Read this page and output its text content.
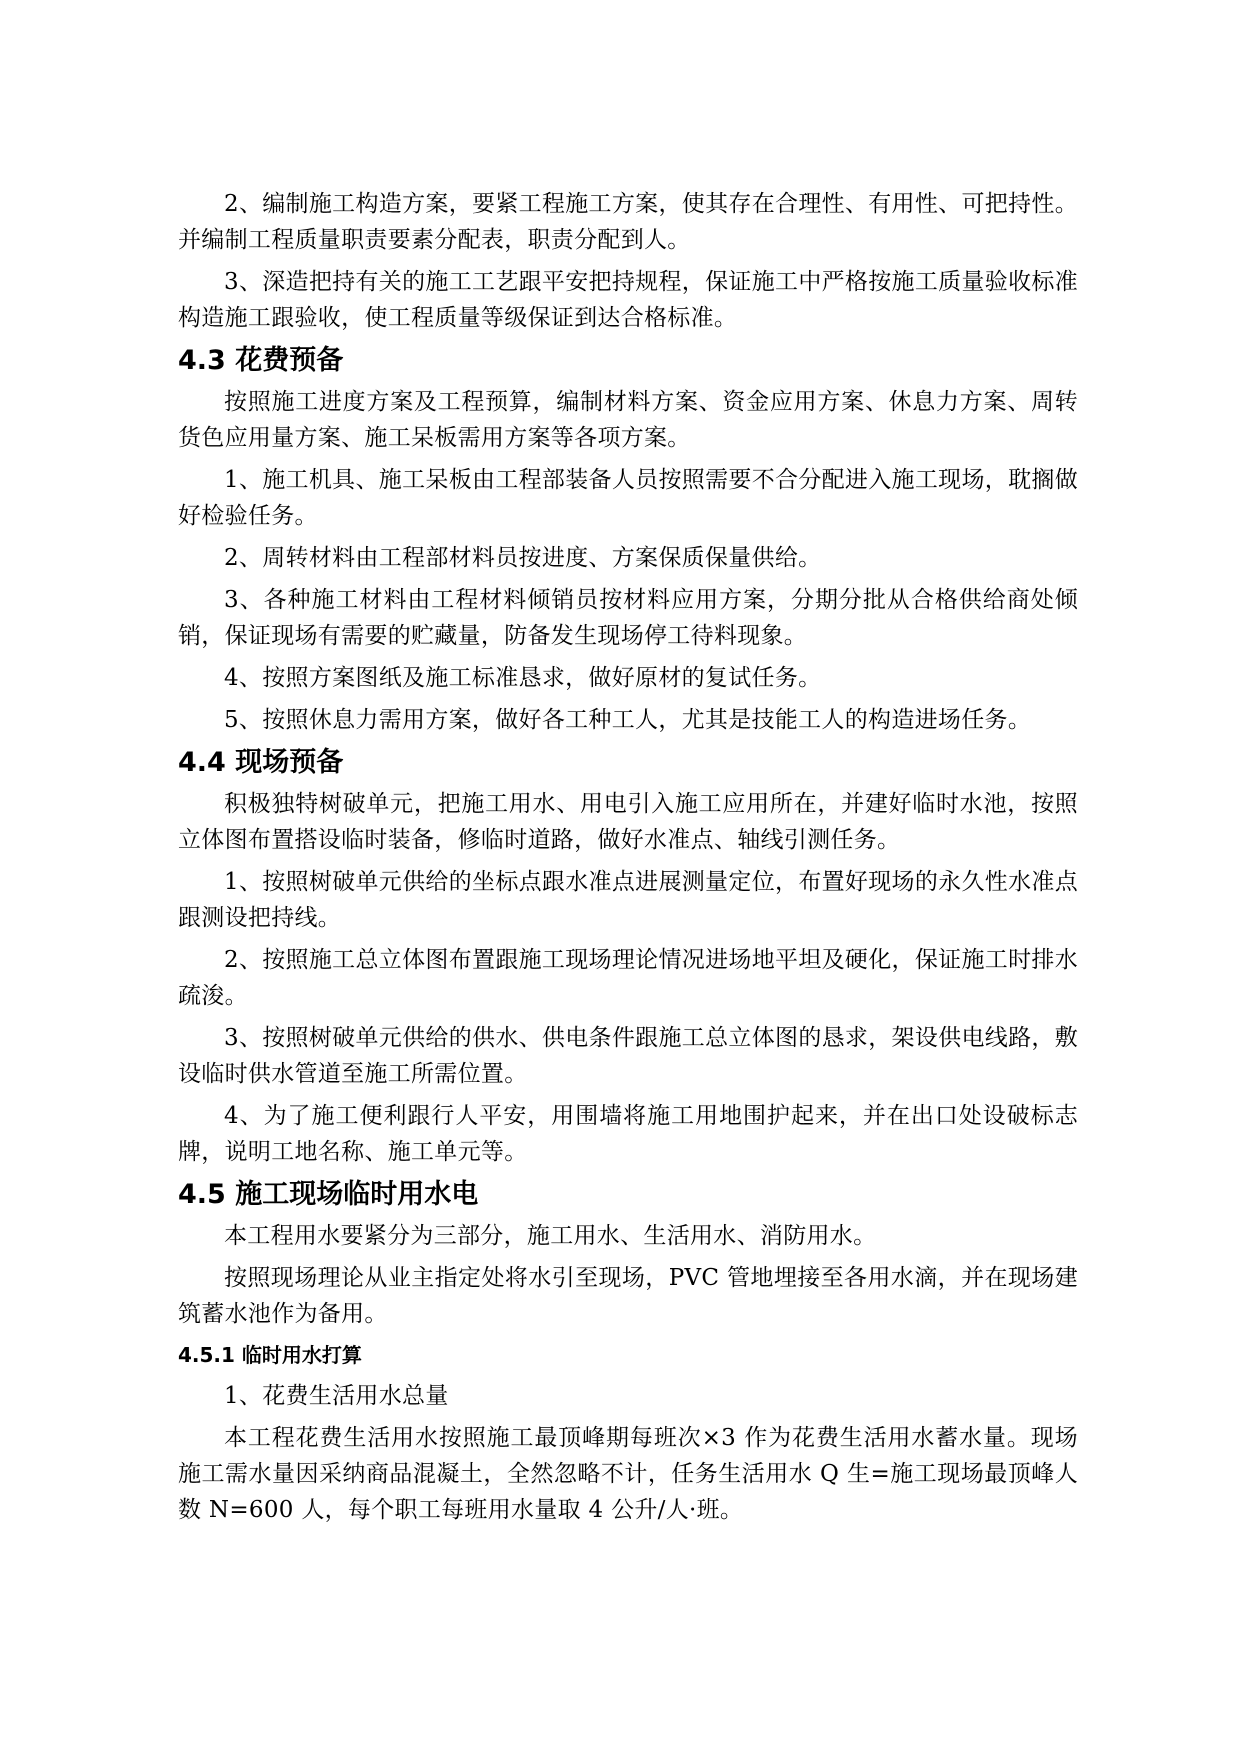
2、编制施工构造方案，要紧工程施工方案，使其存在合理性、有用性、可把持性。并编制工程质量职责要素分配表，职责分配到人。

3、深造把持有关的施工工艺跟平安把持规程，保证施工中严格按施工质量验收标准构造施工跟验收，使工程质量等级保证到达合格标准。

4.3 花费预备

按照施工进度方案及工程预算，编制材料方案、资金应用方案、休息力方案、周转货色应用量方案、施工呆板需用方案等各项方案。

1、施工机具、施工呆板由工程部装备人员按照需要不合分配进入施工现场，耽搁做好检验任务。

2、周转材料由工程部材料员按进度、方案保质保量供给。

3、各种施工材料由工程材料倾销员按材料应用方案，分期分批从合格供给商处倾销，保证现场有需要的贮藏量，防备发生现场停工待料现象。

4、按照方案图纸及施工标准恳求，做好原材的复试任务。

5、按照休息力需用方案，做好各工种工人，尤其是技能工人的构造进场任务。

4.4 现场预备

积极独特树破单元，把施工用水、用电引入施工应用所在，并建好临时水池，按照立体图布置搭设临时装备，修临时道路，做好水准点、轴线引测任务。

1、按照树破单元供给的坐标点跟水准点进展测量定位，布置好现场的永久性水准点跟测设把持线。

2、按照施工总立体图布置跟施工现场理论情况进场地平坦及硬化，保证施工时排水疏浚。

3、按照树破单元供给的供水、供电条件跟施工总立体图的恳求，架设供电线路，敷设临时供水管道至施工所需位置。

4、为了施工便利跟行人平安，用围墙将施工用地围护起来，并在出口处设破标志牌，说明工地名称、施工单元等。

4.5 施工现场临时用水电

本工程用水要紧分为三部分，施工用水、生活用水、消防用水。

按照现场理论从业主指定处将水引至现场，PVC 管地埋接至各用水滴，并在现场建筑蓄水池作为备用。

4.5.1 临时用水打算

1、花费生活用水总量

本工程花费生活用水按照施工最顶峰期每班次×3 作为花费生活用水蓄水量。现场施工需水量因采纳商品混凝土，全然忽略不计，任务生活用水 Q 生=施工现场最顶峰人数 N=600 人，每个职工每班用水量取 4 公升/人·班。
